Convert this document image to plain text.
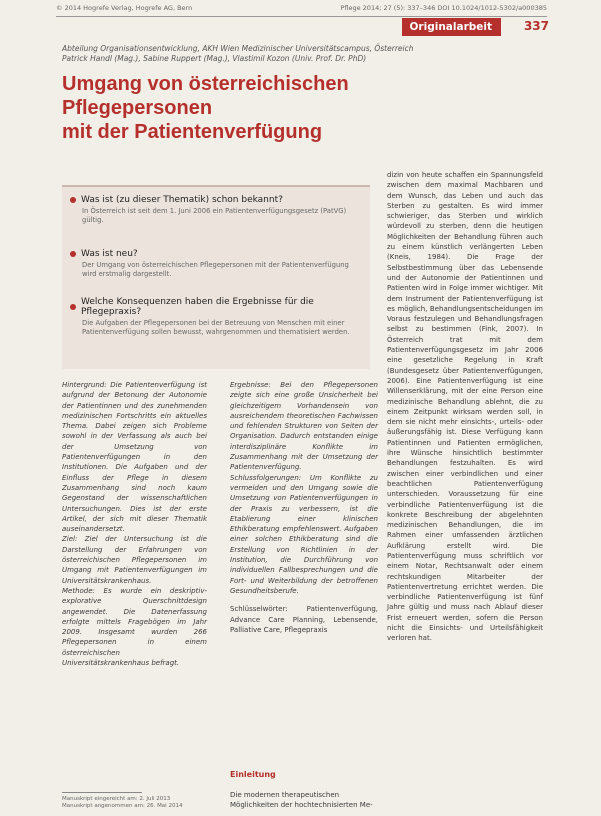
© 2014 Hogrefe Verlag, Hogrefe AG, Bern	Pflege 2014; 27 (5): 337–346 DOI 10.1024/1012-5302/a000385
Originalarbeit	337
Abteilung Organisationsentwicklung, AKH Wien Medizinischer Universitätscampus, Österreich
Patrick Handl (Mag.), Sabine Ruppert (Mag.), Vlastimil Kozon (Univ. Prof. Dr. PhD)
Umgang von österreichischen Pflegepersonen
mit der Patientenverfügung
Was ist (zu dieser Thematik) schon bekannt?
In Österreich ist seit dem 1. Juni 2006 ein Patientenverfügungsgesetz (PatVG) gültig.
Was ist neu?
Der Umgang von österreichischen Pflegepersonen mit der Patientenverfügung wird erstmalig dargestellt.
Welche Konsequenzen haben die Ergebnisse für die Pflegepraxis?
Die Aufgaben der Pflegepersonen bei der Betreuung von Menschen mit einer Patientenverfügung sollen bewusst, wahrgenommen und thematisiert werden.

Hintergrund: Die Patientenverfügung ist aufgrund der Betonung der Autonomie der Patientinnen und des zunehmenden medizinischen Fortschritts ein aktuelles Thema. Dabei zeigen sich Probleme sowohl in der Verfassung als auch bei der Umsetzung von Patientenverfügungen in den Institutionen. Die Aufgaben und der Einfluss der Pflege in diesem Zusammenhang sind noch kaum Gegenstand der wissenschaftlichen Untersuchungen. Dies ist der erste Artikel, der sich mit dieser Thematik auseinandersetzt.

Ziel: Ziel der Untersuchung ist die Darstellung der Erfahrungen von österreichischen Pflegepersonen im Umgang mit Patientenverfügungen im Universitätskrankenhaus.

Methode: Es wurde ein deskriptiv-explorative Querschnittdesign angewendet. Die Datenerfassung erfolgte mittels Fragebögen im Jahr 2009. Insgesamt wurden 266 Pflegepersonen in einem österreichischen Universitätskrankenhaus befragt.

Ergebnisse: Bei den Pflegepersonen zeigte sich eine große Unsicherheit bei gleichzeitigem Vorhandensein von ausreichendem theoretischen Fachwissen und fehlenden Strukturen von Seiten der Organisation. Dadurch entstanden einige interdisziplinäre Konflikte im Zusammenhang mit der Umsetzung der Patientenverfügung.

Schlussfolgerungen: Um Konflikte zu vermeiden und den Umgang sowie die Umsetzung von Patientenverfügungen in der Praxis zu verbessern, ist die Etablierung einer klinischen Ethikberatung empfehlenswert. Aufgaben einer solchen Ethikberatung sind die Erstellung von Richtlinien in der Institution, die Durchführung von individuellen Fallbesprechungen und die Fort- und Weiterbildung der betroffenen Gesundheitsberufe.

Schlüsselwörter: Patientenverfügung, Advance Care Planning, Lebensende, Palliative Care, Pflegepraxis

Einleitung
Die modernen therapeutischen Möglichkeiten der hochtechnisierten Me-

dizin von heute schaffen ein Spannungsfeld zwischen dem maximal Machbaren und dem Wunsch, das Leben und auch das Sterben zu gestalten. Es wird immer schwieriger, das Sterben und wirklich würdevoll zu sterben, denn die heutigen Möglichkeiten der Behandlung führen auch zu einem künstlich verlängerten Leben (Kneis, 1984). Die Frage der Selbstbestimmung über das Lebensende und der Autonomie der Patientinnen und Patienten wird in Folge immer wichtiger. Mit dem Instrument der Patientenverfügung ist es möglich, Behandlungsentscheidungen im Voraus festzulegen und Behandlungsfragen selbst zu bestimmen (Fink, 2007). In Österreich trat mit dem Patientenverfügungsgesetz im Jahr 2006 eine gesetzliche Regelung in Kraft (Bundesgesetz über Patientenverfügungen, 2006). Eine Patientenverfügung ist eine Willenserklärung, mit der eine Person eine medizinische Behandlung ablehnt, die zu einem Zeitpunkt wirksam werden soll, in dem sie nicht mehr einsichts-, urteils- oder äußerungsfähig ist. Diese Verfügung kann Patientinnen und Patienten ermöglichen, ihre Wünsche hinsichtlich bestimmter Behandlungen festzuhalten. Es wird zwischen einer verbindlichen und einer beachtlichen Patientenverfügung unterschieden. Voraussetzung für eine verbindliche Patientenverfügung ist die konkrete Beschreibung der abgelehnten medizinischen Behandlungen, die im Rahmen einer umfassenden ärztlichen Aufklärung erstellt wird. Die Patientenverfügung muss schriftlich vor einem Notar, Rechtsanwalt oder einem rechtskundigen Mitarbeiter der Patientenvertretung errichtet werden. Die verbindliche Patientenverfügung ist fünf Jahre gültig und muss nach Ablauf dieser Frist erneuert werden, sofern die Person nicht die Einsichts- und Urteilsfähigkeit verloren hat.

Manuskript eingereicht am: 2. Juli 2013
Manuskript angenommen am: 26. Mai 2014
